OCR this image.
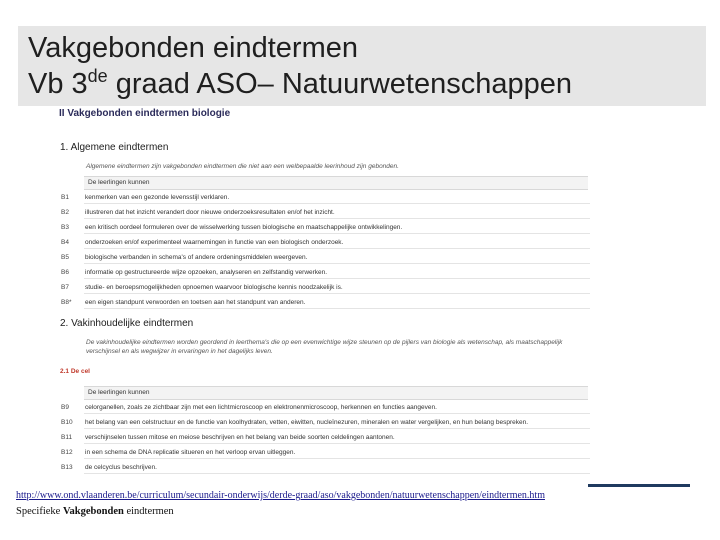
Vakgebonden eindtermen
Vb 3de graad ASO– Natuurwetenschappen
II Vakgebonden eindtermen biologie
1. Algemene eindtermen
Algemene eindtermen zijn vakgebonden eindtermen die niet aan een welbepaalde leerinhoud zijn gebonden.
De leerlingen kunnen
B1 kenmerken van een gezonde levensstijl verklaren.
B2 illustreren dat het inzicht verandert door nieuwe onderzoeksresultaten en/of het inzicht.
B3 een kritisch oordeel formuleren over de wisselwerking tussen biologische en maatschappelijke ontwikkelingen.
B4 onderzoeken en/of experimenteel waarnemingen in functie van een biologisch onderzoek.
B5 biologische verbanden in schema's of andere ordeningsmiddelen weergeven.
B6 informatie op gestructureerde wijze opzoeken, analyseren en zelfstandig verwerken.
B7 studie- en beroepsmogelijkheden opnoemen waarvoor biologische kennis noodzakelijk is.
B8* een eigen standpunt verwoorden en toetsen aan het standpunt van anderen.
2. Vakinhoudelijke eindtermen
De vakinhoudelijke eindtermen worden geordend in leerthema's die op een evenwichtige wijze steunen op de pijlers van biologie als wetenschap, als maatschappelijk verschijnsel en als wegwijzer in ervaringen in het dagelijks leven.
2.1 De cel
De leerlingen kunnen
B9 celorganellen, zoals ze zichtbaar zijn met een lichtmicroscoop en elektronenmicroscoop, herkennen en functies aangeven.
B10 het belang van een celstructuur en de functie van koolhydraten, vetten, eiwitten, nucleïnezuren, mineralen en water vergelijken, en hun belang bespreken.
B11 verschijnselen tussen mitose en meiose beschrijven en het belang van beide soorten celdelingen aantonen.
B12 in een schema de DNA replicatie situeren en het verloop ervan uitleggen.
B13 de celcyclus beschrijven.
http://www.ond.vlaanderen.be/curriculum/secundair-onderwijs/derde-graad/aso/vakgebonden/natuurwetenschappen/eindtermen.htm
Specifieke Vakgebonden eindtermen
